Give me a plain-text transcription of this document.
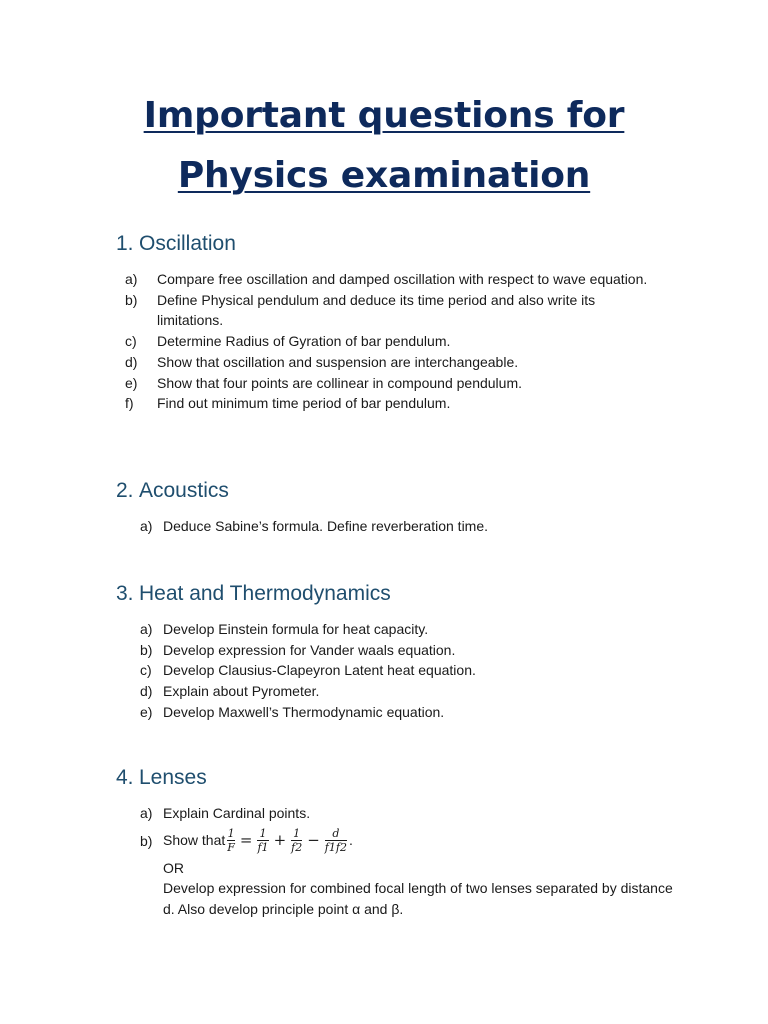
Important questions for
Physics examination
1. Oscillation
a) Compare free oscillation and damped oscillation with respect to wave equation.
b) Define Physical pendulum and deduce its time period and also write its limitations.
c) Determine Radius of Gyration of bar pendulum.
d) Show that oscillation and suspension are interchangeable.
e) Show that four points are collinear in compound pendulum.
f) Find out minimum time period of bar pendulum.
2. Acoustics
a) Deduce Sabine’s formula. Define reverberation time.
3. Heat and Thermodynamics
a) Develop Einstein formula for heat capacity.
b) Develop expression for Vander waals equation.
c) Develop Clausius-Clapeyron Latent heat equation.
d) Explain about Pyrometer.
e) Develop Maxwell’s Thermodynamic equation.
4. Lenses
a) Explain Cardinal points.
b) Show that $\frac{1}{F} = \frac{1}{f1} + \frac{1}{f2} - \frac{d}{f1f2}$ .
OR
Develop expression for combined focal length of two lenses separated by distance d. Also develop principle point α and β.
